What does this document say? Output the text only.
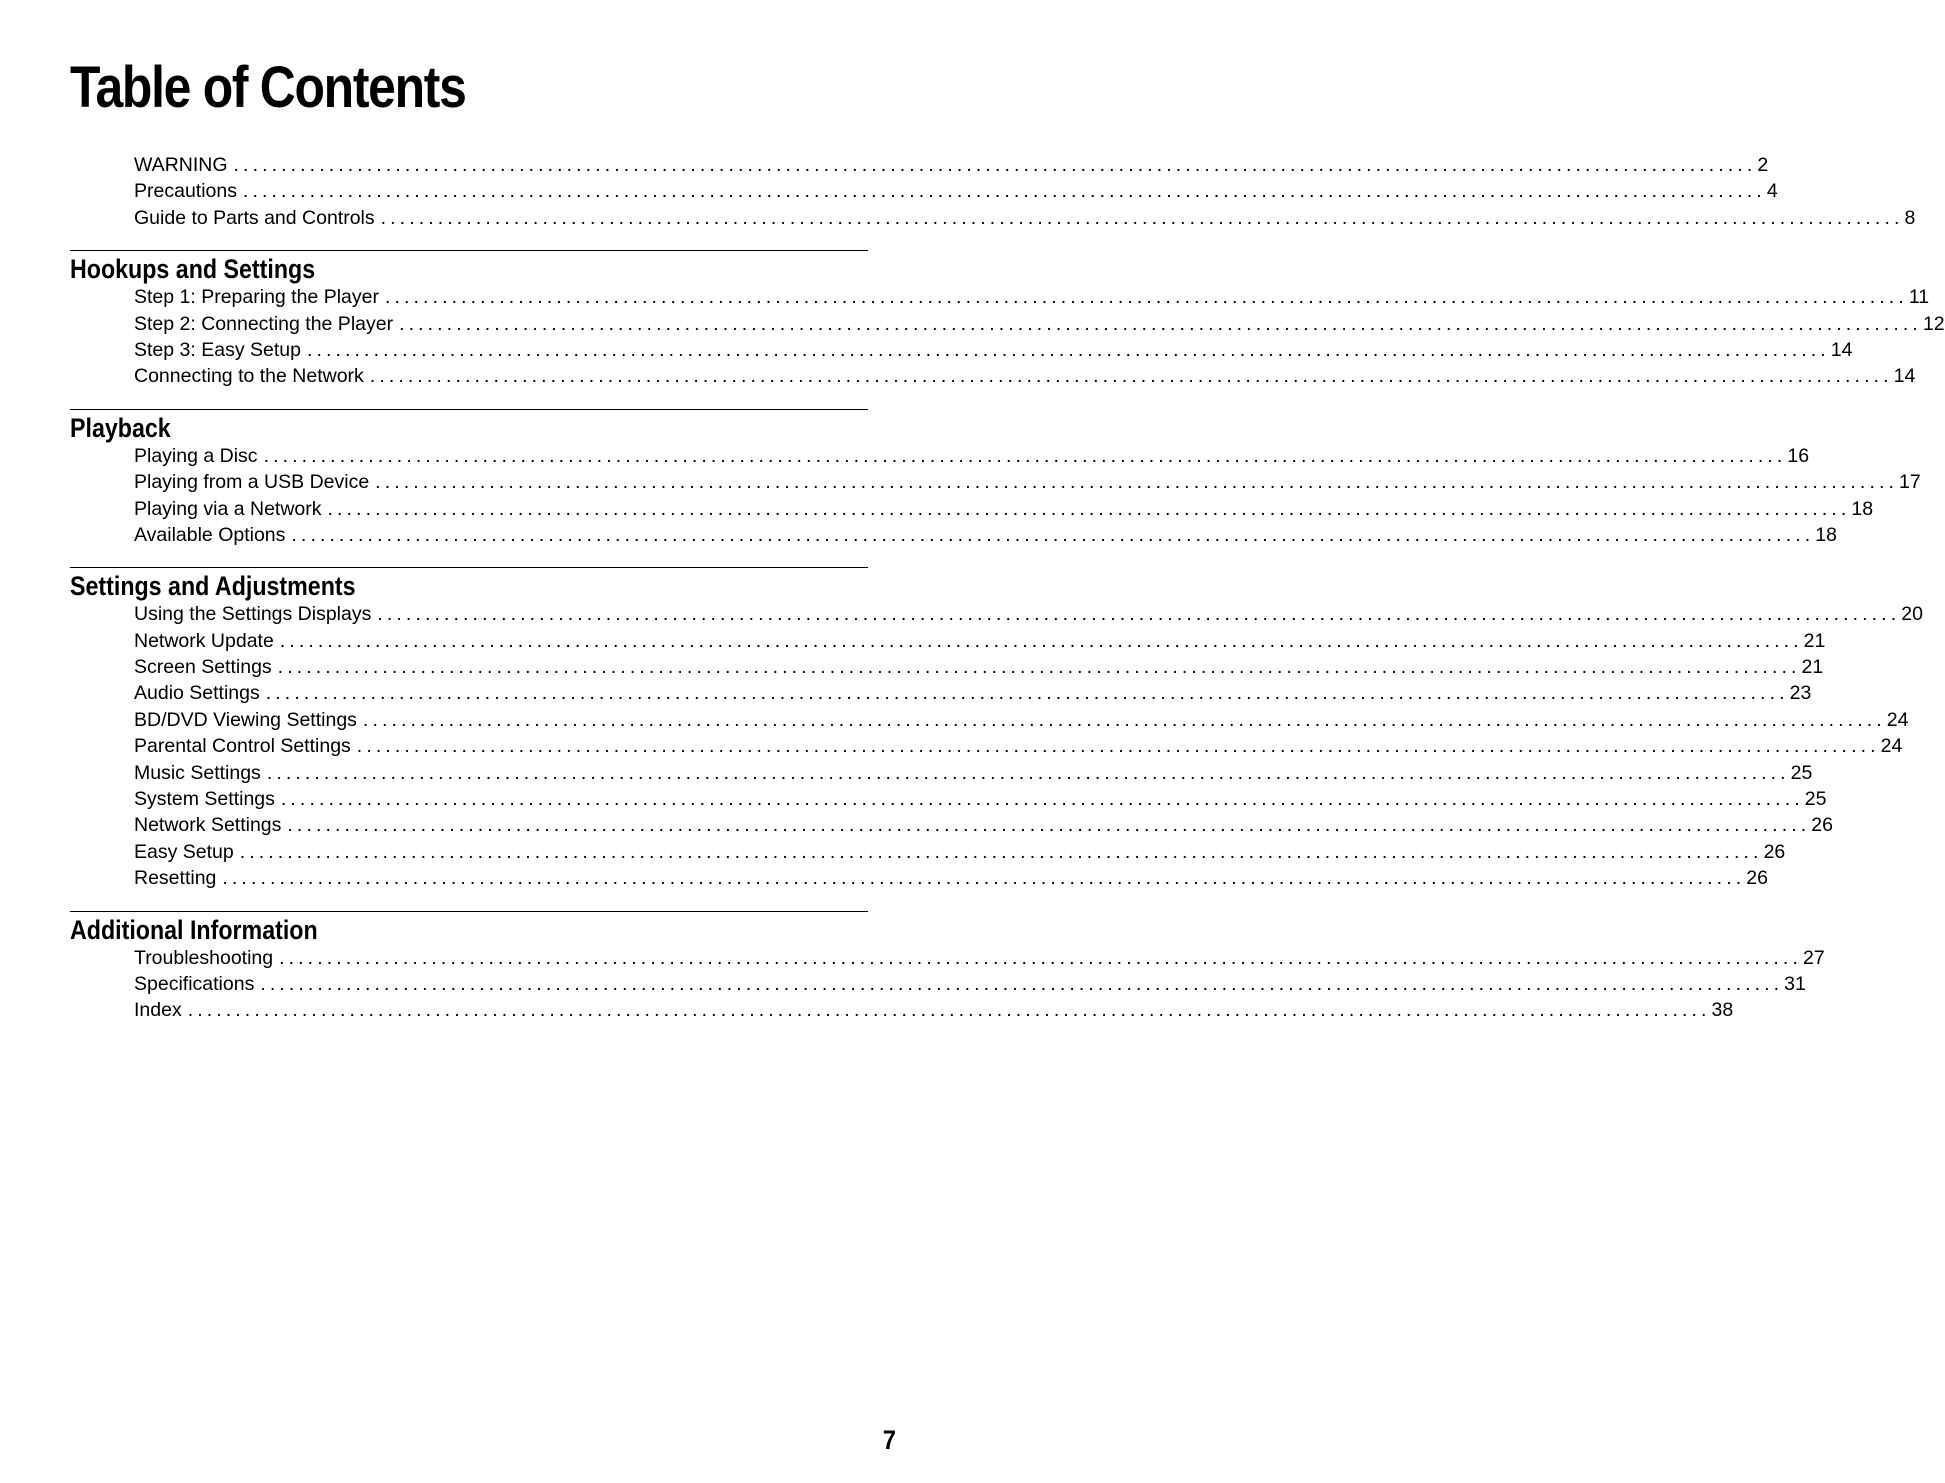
Table of Contents
WARNING ................................................................................................................................................................ 2
Precautions ................................................................................................................................................................ 4
Guide to Parts and Controls ................................................................................................................................................................ 8
Hookups and Settings
Step 1: Preparing the Player ................................................................................................................................................................ 11
Step 2: Connecting the Player ................................................................................................................................................................ 12
Step 3: Easy Setup ................................................................................................................................................................ 14
Connecting to the Network ................................................................................................................................................................ 14
Playback
Playing a Disc ................................................................................................................................................................ 16
Playing from a USB Device ................................................................................................................................................................ 17
Playing via a Network ................................................................................................................................................................ 18
Available Options ................................................................................................................................................................ 18
Settings and Adjustments
Using the Settings Displays ................................................................................................................................................................ 20
Network Update ................................................................................................................................................................ 21
Screen Settings ................................................................................................................................................................ 21
Audio Settings ................................................................................................................................................................ 23
BD/DVD Viewing Settings ................................................................................................................................................................ 24
Parental Control Settings ................................................................................................................................................................ 24
Music Settings ................................................................................................................................................................ 25
System Settings ................................................................................................................................................................ 25
Network Settings ................................................................................................................................................................ 26
Easy Setup ................................................................................................................................................................ 26
Resetting ................................................................................................................................................................ 26
Additional Information
Troubleshooting ................................................................................................................................................................ 27
Specifications ................................................................................................................................................................ 31
Index ................................................................................................................................................................ 38
7
